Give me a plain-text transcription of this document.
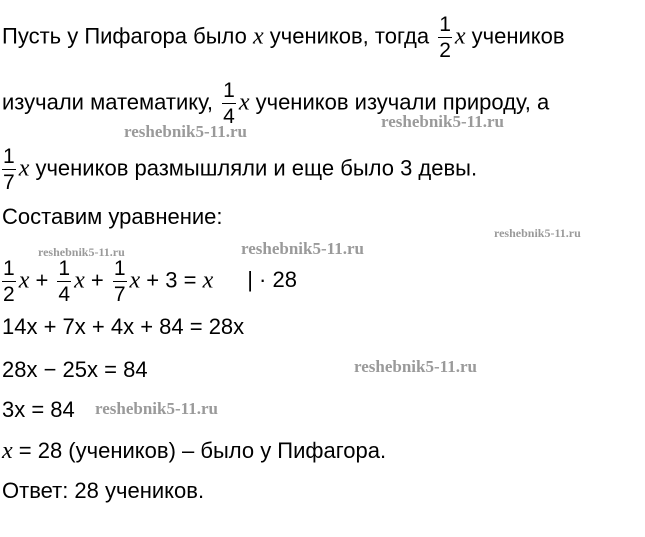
Пусть у Пифагора было x учеников, тогда $\frac{1}{2}$ x учеников
изучали математику, $\frac{1}{4}$ x учеников изучали природу, а
$\frac{1}{7}$ x учеников размышляли и еще было 3 девы.
Составим уравнение:
$\frac{1}{2}$ $x + \frac{1}{4}$ $x + \frac{1}{7}$ x + 3 = x | · 28
14x + 7x + 4x + 84 = 28x
28x − 25x = 84
3x = 84
x = 28 (учеников) – было у Пифагора.
Ответ: 28 учеников.
reshebnik5-11.ru
reshebnik5-11.ru
reshebnik5-11.ru
reshebnik5-11.ru	reshebnik5-11.ru
reshebnik5-11.ru
reshebnik5-11.ru
